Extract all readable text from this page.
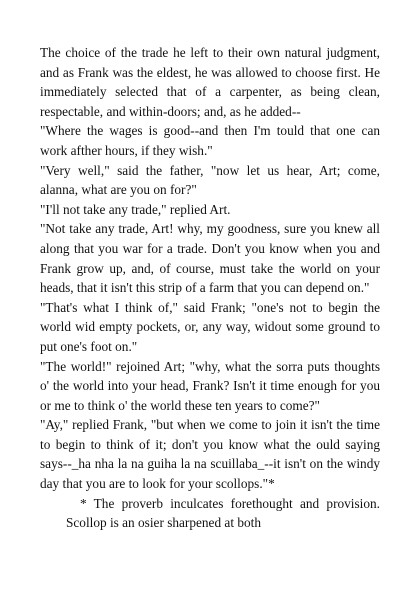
The choice of the trade he left to their own natural judgment, and as Frank was the eldest, he was allowed to choose first. He immediately selected that of a carpenter, as being clean, respectable, and within-doors; and, as he added--

"Where the wages is good--and then I'm tould that one can work afther hours, if they wish."

"Very well," said the father, "now let us hear, Art; come, alanna, what are you on for?"

"I'll not take any trade," replied Art.

"Not take any trade, Art! why, my goodness, sure you knew all along that you war for a trade. Don't you know when you and Frank grow up, and, of course, must take the world on your heads, that it isn't this strip of a farm that you can depend on."

"That's what I think of," said Frank; "one's not to begin the world wid empty pockets, or, any way, widout some ground to put one's foot on."

"The world!" rejoined Art; "why, what the sorra puts thoughts o' the world into your head, Frank? Isn't it time enough for you or me to think o' the world these ten years to come?"

"Ay," replied Frank, "but when we come to join it isn't the time to begin to think of it; don't you know what the ould saying says--_ha nha la na guiha la na scuillaba_--it isn't on the windy day that you are to look for your scollops."*

* The proverb inculcates forethought and provision.Scollop is an osier sharpened at both
